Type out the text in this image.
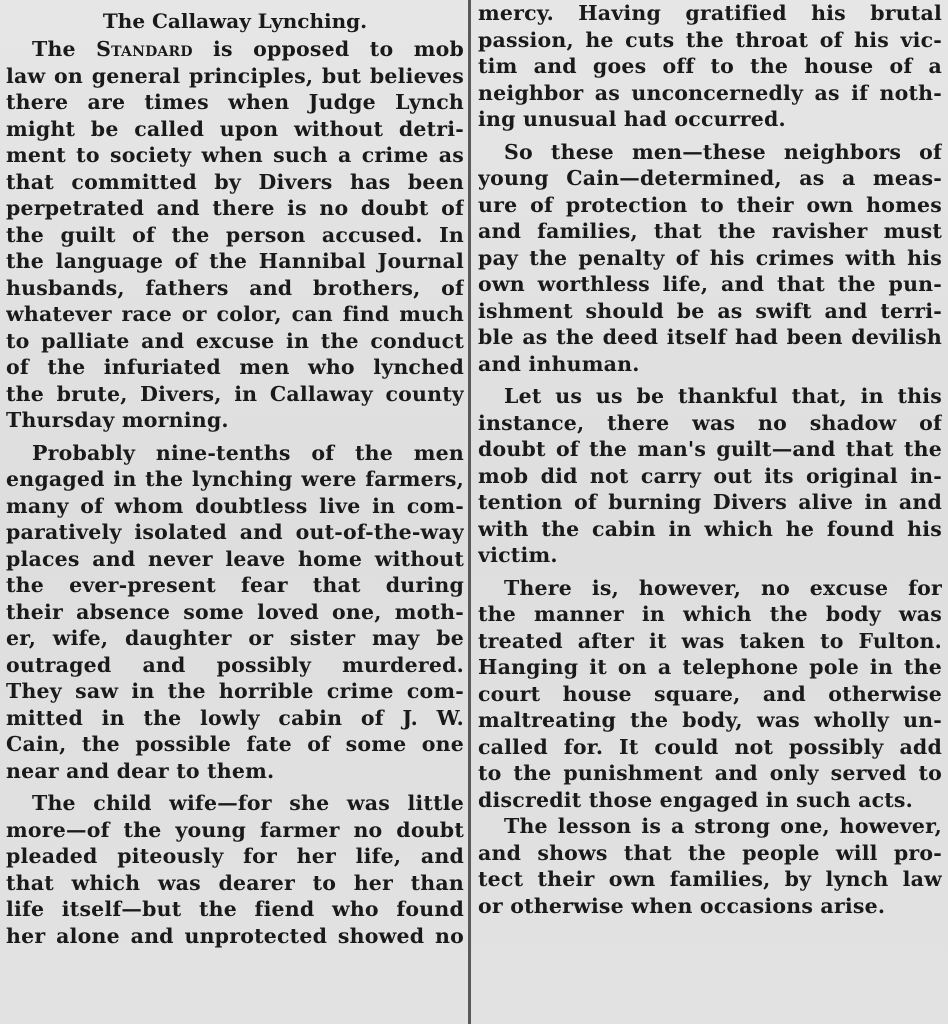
The Callaway Lynching.
The Standard is opposed to mob
law on general principles, but believes
there are times when Judge Lynch
might be called upon without detri-
ment to society when such a crime as
that committed by Divers has been
perpetrated and there is no doubt of
the guilt of the person accused. In
the language of the Hannibal Journal
husbands, fathers and brothers, of
whatever race or color, can find much
to palliate and excuse in the conduct
of the infuriated men who lynched
the brute, Divers, in Callaway county
Thursday morning.
Probably nine-tenths of the men
engaged in the lynching were farmers,
many of whom doubtless live in com-
paratively isolated and out-of-the-way
places and never leave home without
the ever-present fear that during
their absence some loved one, moth-
er, wife, daughter or sister may be
outraged and possibly murdered.
They saw in the horrible crime com-
mitted in the lowly cabin of J. W.
Cain, the possible fate of some one
near and dear to them.
The child wife—for she was little
more—of the young farmer no doubt
pleaded piteously for her life, and
that which was dearer to her than
life itself—but the fiend who found
her alone and unprotected showed no
mercy. Having gratified his brutal
passion, he cuts the throat of his vic-
tim and goes off to the house of a
neighbor as unconcernedly as if noth-
ing unusual had occurred.
So these men—these neighbors of
young Cain—determined, as a meas-
ure of protection to their own homes
and families, that the ravisher must
pay the penalty of his crimes with his
own worthless life, and that the pun-
ishment should be as swift and terri-
ble as the deed itself had been devilish
and inhuman.
Let us us be thankful that, in this
instance, there was no shadow of
doubt of the man's guilt—and that the
mob did not carry out its original in-
tention of burning Divers alive in and
with the cabin in which he found his
victim.
There is, however, no excuse for
the manner in which the body was
treated after it was taken to Fulton.
Hanging it on a telephone pole in the
court house square, and otherwise
maltreating the body, was wholly un-
called for. It could not possibly add
to the punishment and only served to
discredit those engaged in such acts.
The lesson is a strong one, however,
and shows that the people will pro-
tect their own families, by lynch law
or otherwise when occasions arise.
